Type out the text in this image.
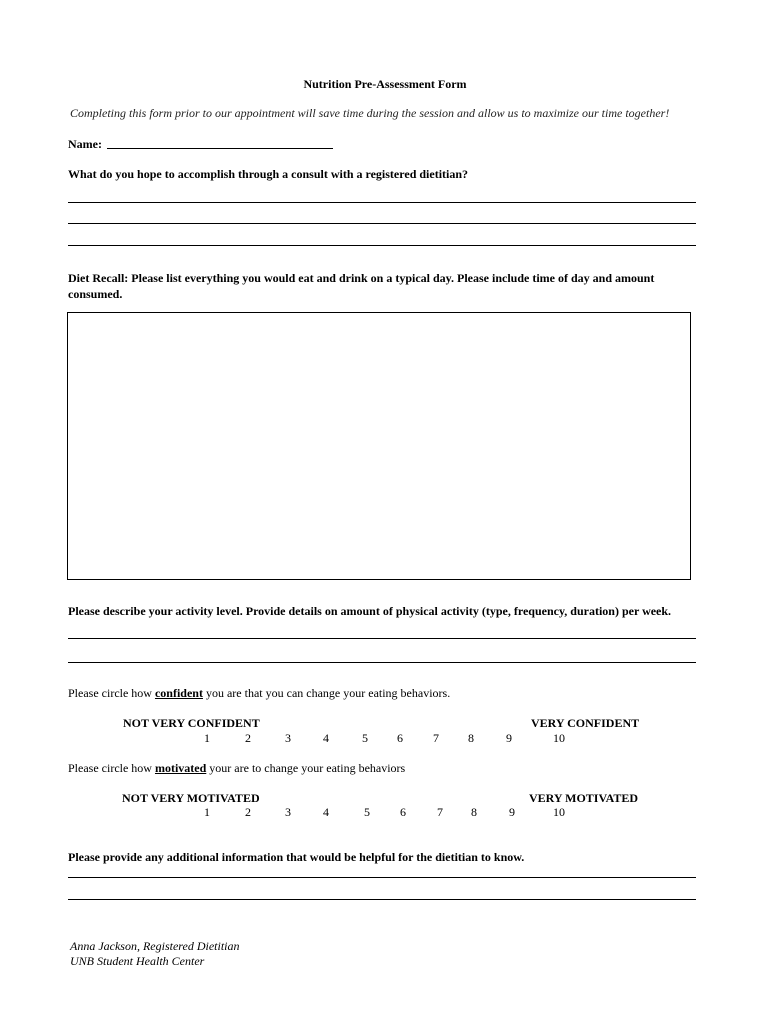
Nutrition Pre-Assessment Form
Completing this form prior to our appointment will save time during the session and allow us to maximize our time together!
Name:
What do you hope to accomplish through a consult with a registered dietitian?
Diet Recall: Please list everything you would eat and drink on a typical day. Please include time of day and amount consumed.
Please describe your activity level. Provide details on amount of physical activity (type, frequency, duration) per week.
Please circle how confident you are that you can change your eating behaviors.
NOT VERY CONFIDENT	VERY CONFIDENT
1	2	3	4	5	6	7	8	9	10
Please circle how motivated your are to change your eating behaviors
NOT VERY MOTIVATED	VERY MOTIVATED
1	2	3	4	5	6	7	8	9	10
Please provide any additional information that would be helpful for the dietitian to know.
Anna Jackson, Registered Dietitian
UNB Student Health Center
